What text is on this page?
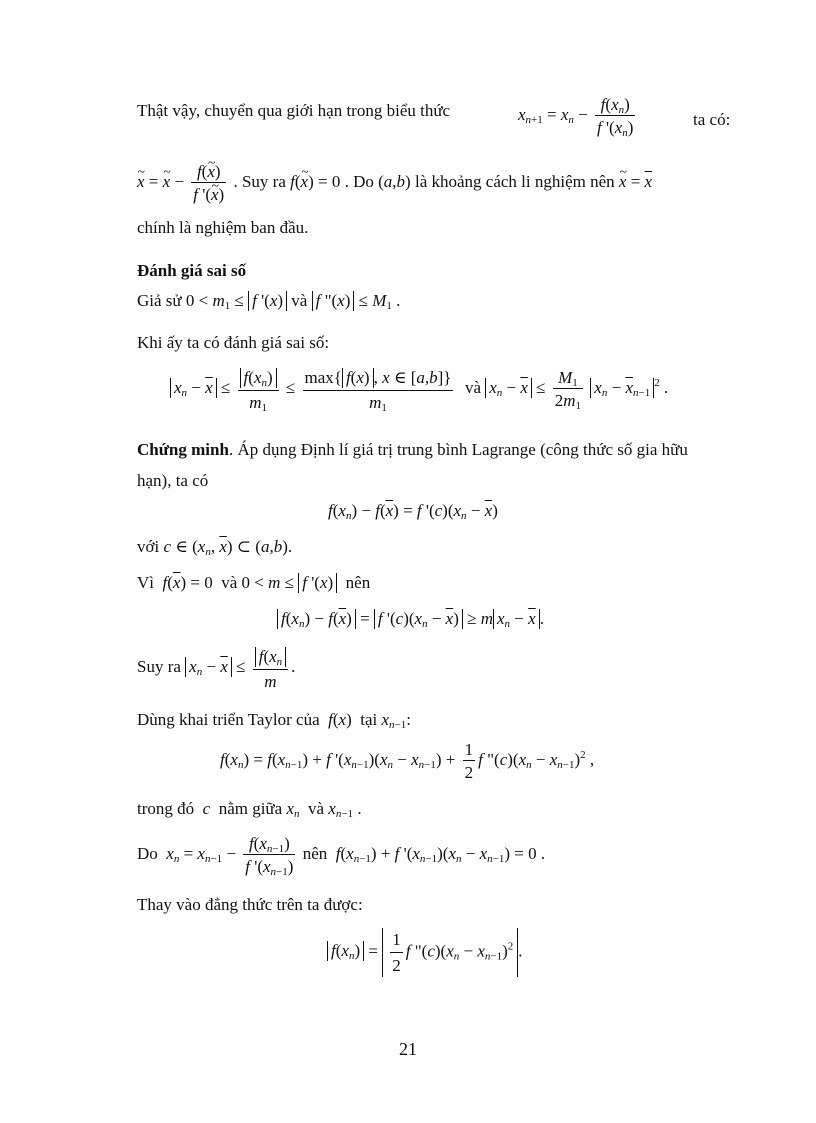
Thật vậy, chuyển qua giới hạn trong biểu thức	$x_{n+1} = x_n - \frac{f(x_n)}{f '(x_n)}$	ta có:
~ x = ~ $x - \frac{f(\sim x)}{f '(\sim x)}$ . Suy ra f(~ x) = 0 . Do (a,b) là khoảng cách li nghiệm nên ~ $x = \overline{x}$
chính là nghiệm ban đầu.
Đánh giá sai số
Giả sử $0 < m_1 \le f$ '(x) và f "$(x) \le M_1$ .
Khi ấy ta có đánh giá sai số:
$x_n - \overline{x} \le \frac{f(x_n)}{m_1}$ ≤
max{ f(x) , x ∈ [a,b]}
$m_1$
và $x_n - \overline{x} \le \frac{M_1}{2m_1} x_n - \overline{x}_{n-1}^2$ .
Chứng minh. Áp dụng Định lí giá trị trung bình Lagrange (công thức số gia hữu
hạn), ta có
$f(x_n) - f(\overline{x}) = f$ '$(c)(x_n - \overline{x})$
với c ∈ ($x_n$, $\overline{x}$) ⊂ (a,b).
Vì $f(\overline{x}) = 0$  và 0 < m ≤ f '(x) nên
$f(x_n) - f(\overline{x}) = f$ '$(c)(x_n - \overline{x}) \ge m$ $x_n - \overline{x}$ .
Suy ra $x_n - \overline{x} \le \frac{f(x_n}{m}$ .
Dùng khai triển Taylor của f(x)  tại $x_{n-1}$:
$f(x_n) = f(x_{n-1}) + f$ '$(x_{n-1})(x_n - x_{n-1}) + \frac{1}{2}$ f "$(c)(x_n - x_{n-1})^2$ ,
trong đó c nằm giữa $x_n$ và $x_{n-1}$ .
Do $x_n = x_{n-1} - \frac{f(x_{n-1})}{f '(x_{n-1})}$ nên $f(x_{n-1}) + f$ '$(x_{n-1})(x_n - x_{n-1}) = 0$ .
Thay vào đẳng thức trên ta được:
$f(x_n) = \frac{1}{2}$ f "$(c)(x_n - x_{n-1})^2$ .
21
